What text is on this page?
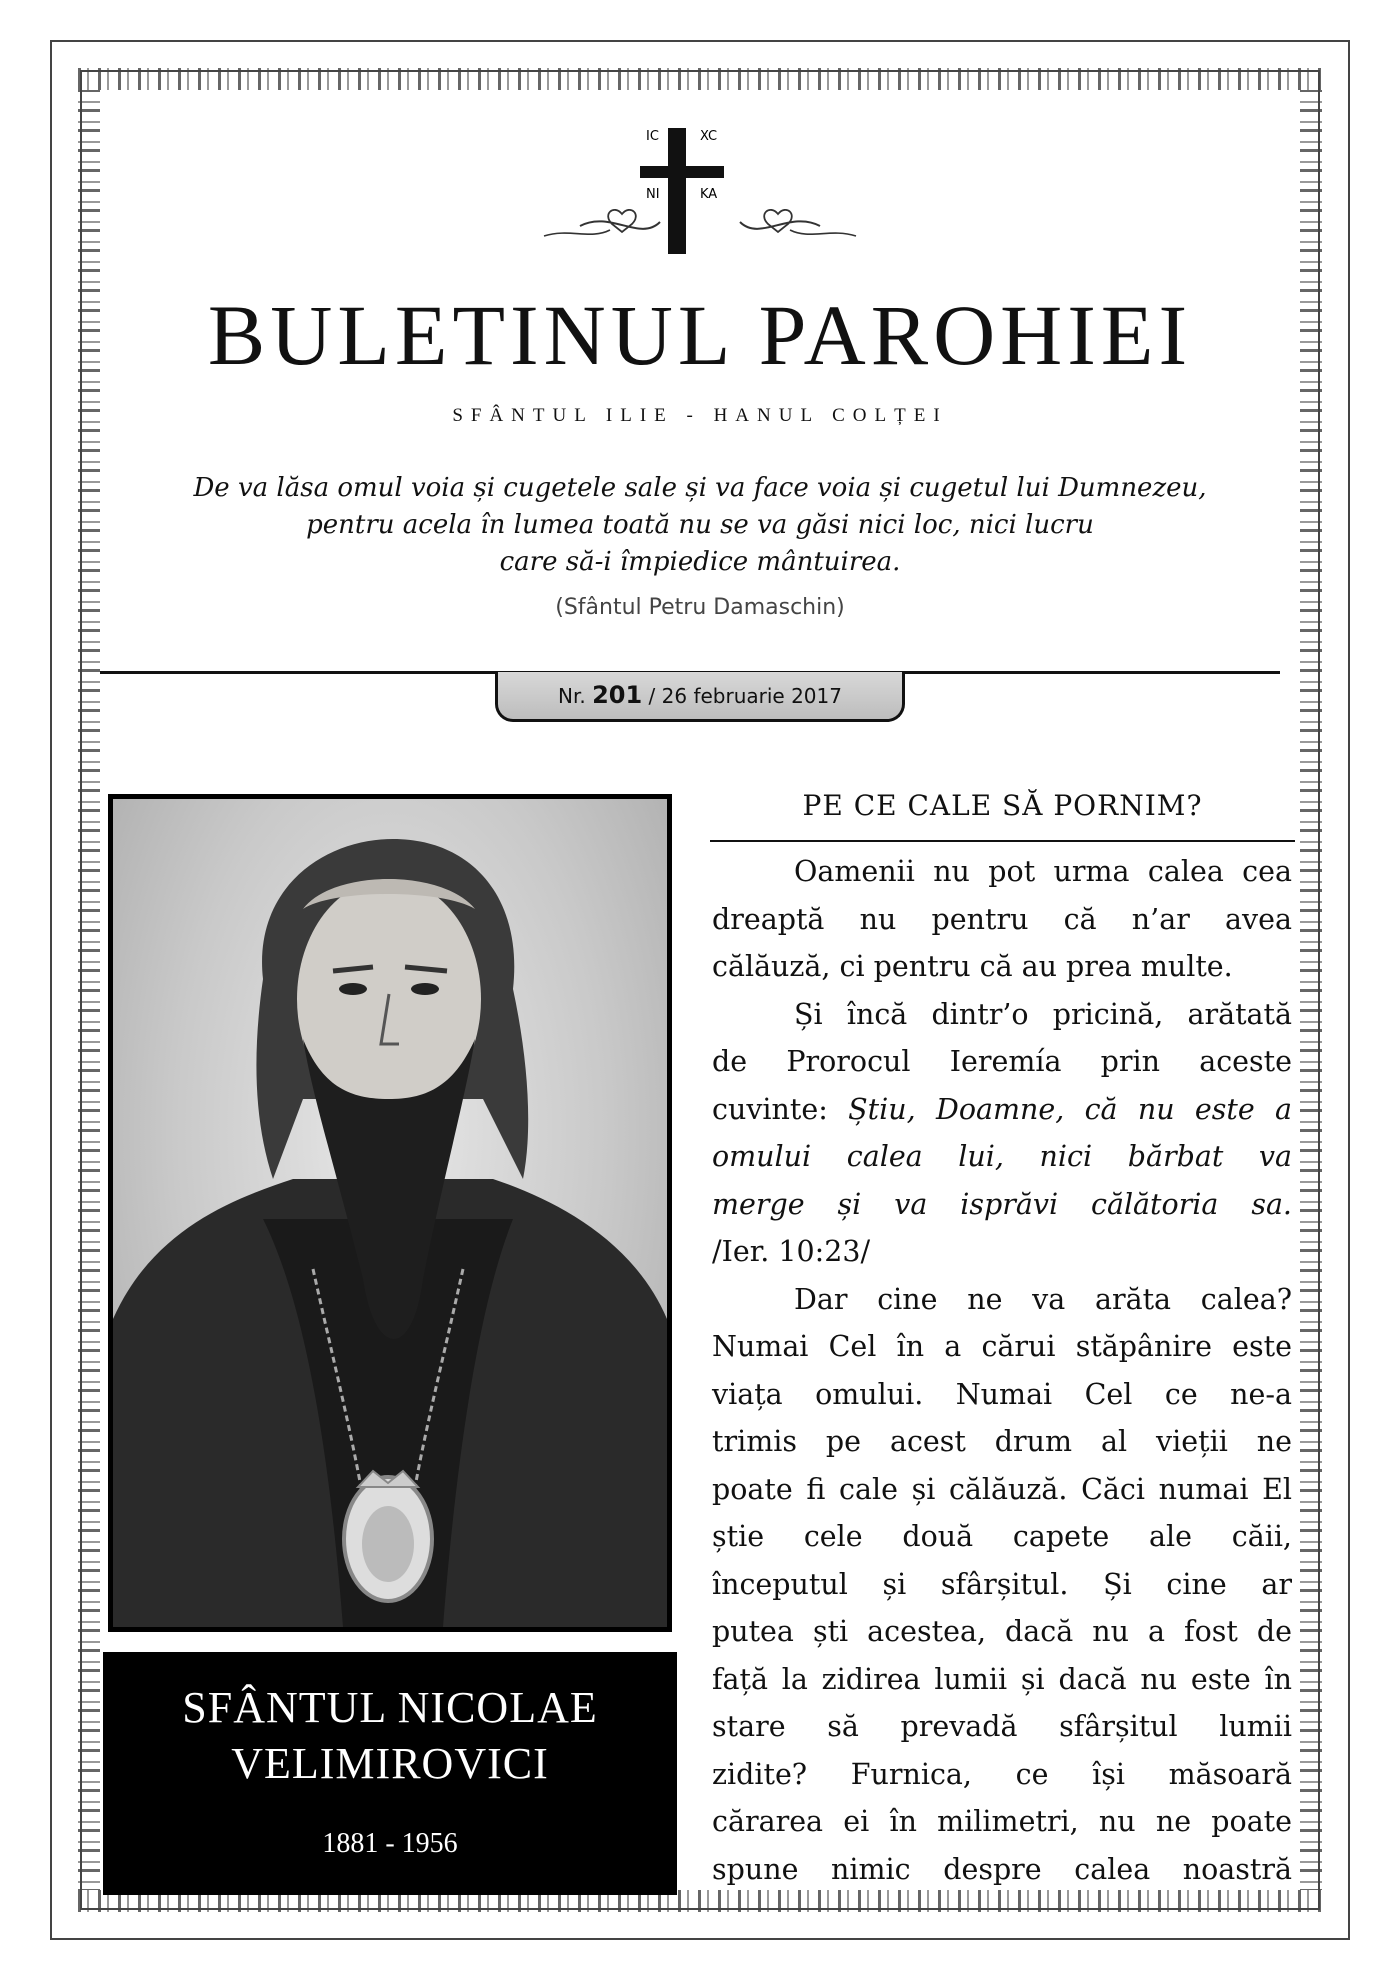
IC	XC
NI	KA
BULETINUL PAROHIEI
SFÂNTUL ILIE - HANUL COLȚEI
De va lăsa omul voia și cugetele sale și va face voia și cugetul lui Dumnezeu,
pentru acela în lumea toată nu se va găsi nici loc, nici lucru
care să-i împiedice mântuirea.
(Sfântul Petru Damaschin)
Nr. 201 / 26 februarie 2017
SFÂNTUL NICOLAE
VELIMIROVICI
1881 - 1956
PE CE CALE SĂ PORNIM?
Oamenii nu pot urma calea cea
dreaptă nu pentru că n’ar avea
călăuză, ci pentru că au prea multe.
Și încă dintr’o pricină, arătată
de Prorocul Ieremía prin aceste
cuvinte: Știu, Doamne, că nu este a
omului calea lui, nici bărbat va
merge și va isprăvi călătoria sa.
/Ier. 10:23/
Dar cine ne va arăta calea?
Numai Cel în a cărui stăpânire este
viața omului. Numai Cel ce ne-a
trimis pe acest drum al vieții ne
poate fi cale și călăuză. Căci numai El
știe cele două capete ale căii,
începutul și sfârșitul. Și cine ar
putea ști acestea, dacă nu a fost de
față la zidirea lumii și dacă nu este în
stare să prevadă sfârșitul lumii
zidite? Furnica, ce își măsoară
cărarea ei în milimetri, nu ne poate
spune nimic despre calea noastră
